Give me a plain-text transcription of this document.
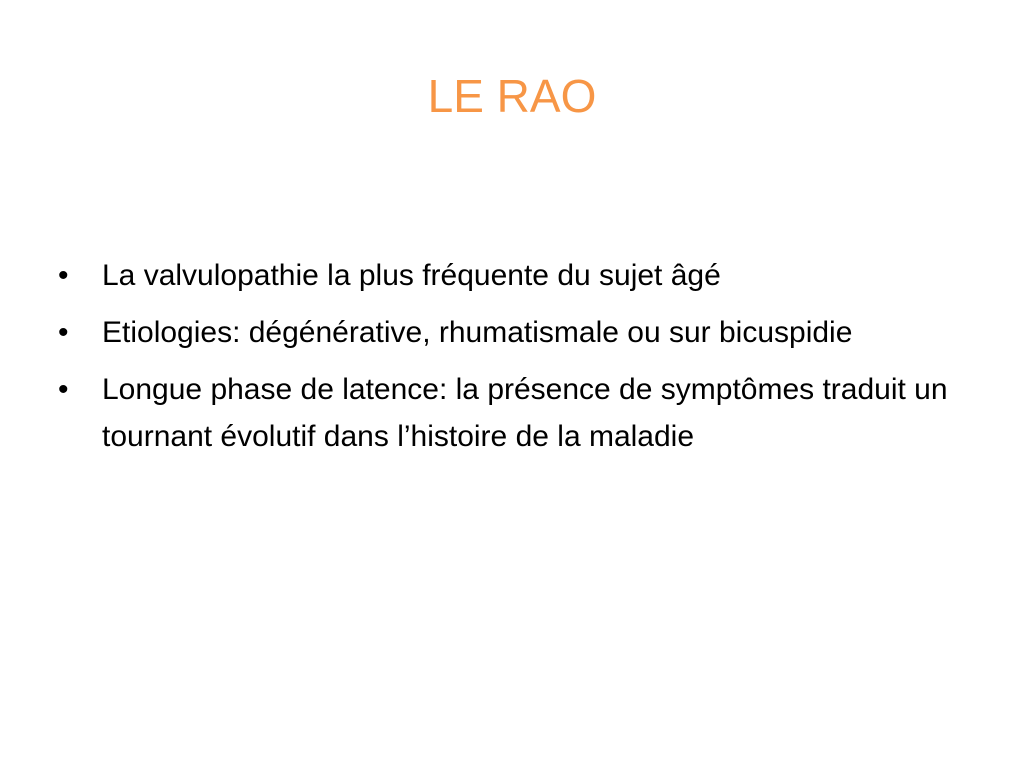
LE RAO
• La valvulopathie la plus fréquente du sujet âgé
• Etiologies: dégénérative, rhumatismale ou sur bicuspidie
• Longue phase de latence: la présence de symptômes traduit un tournant évolutif dans l’histoire de la maladie
